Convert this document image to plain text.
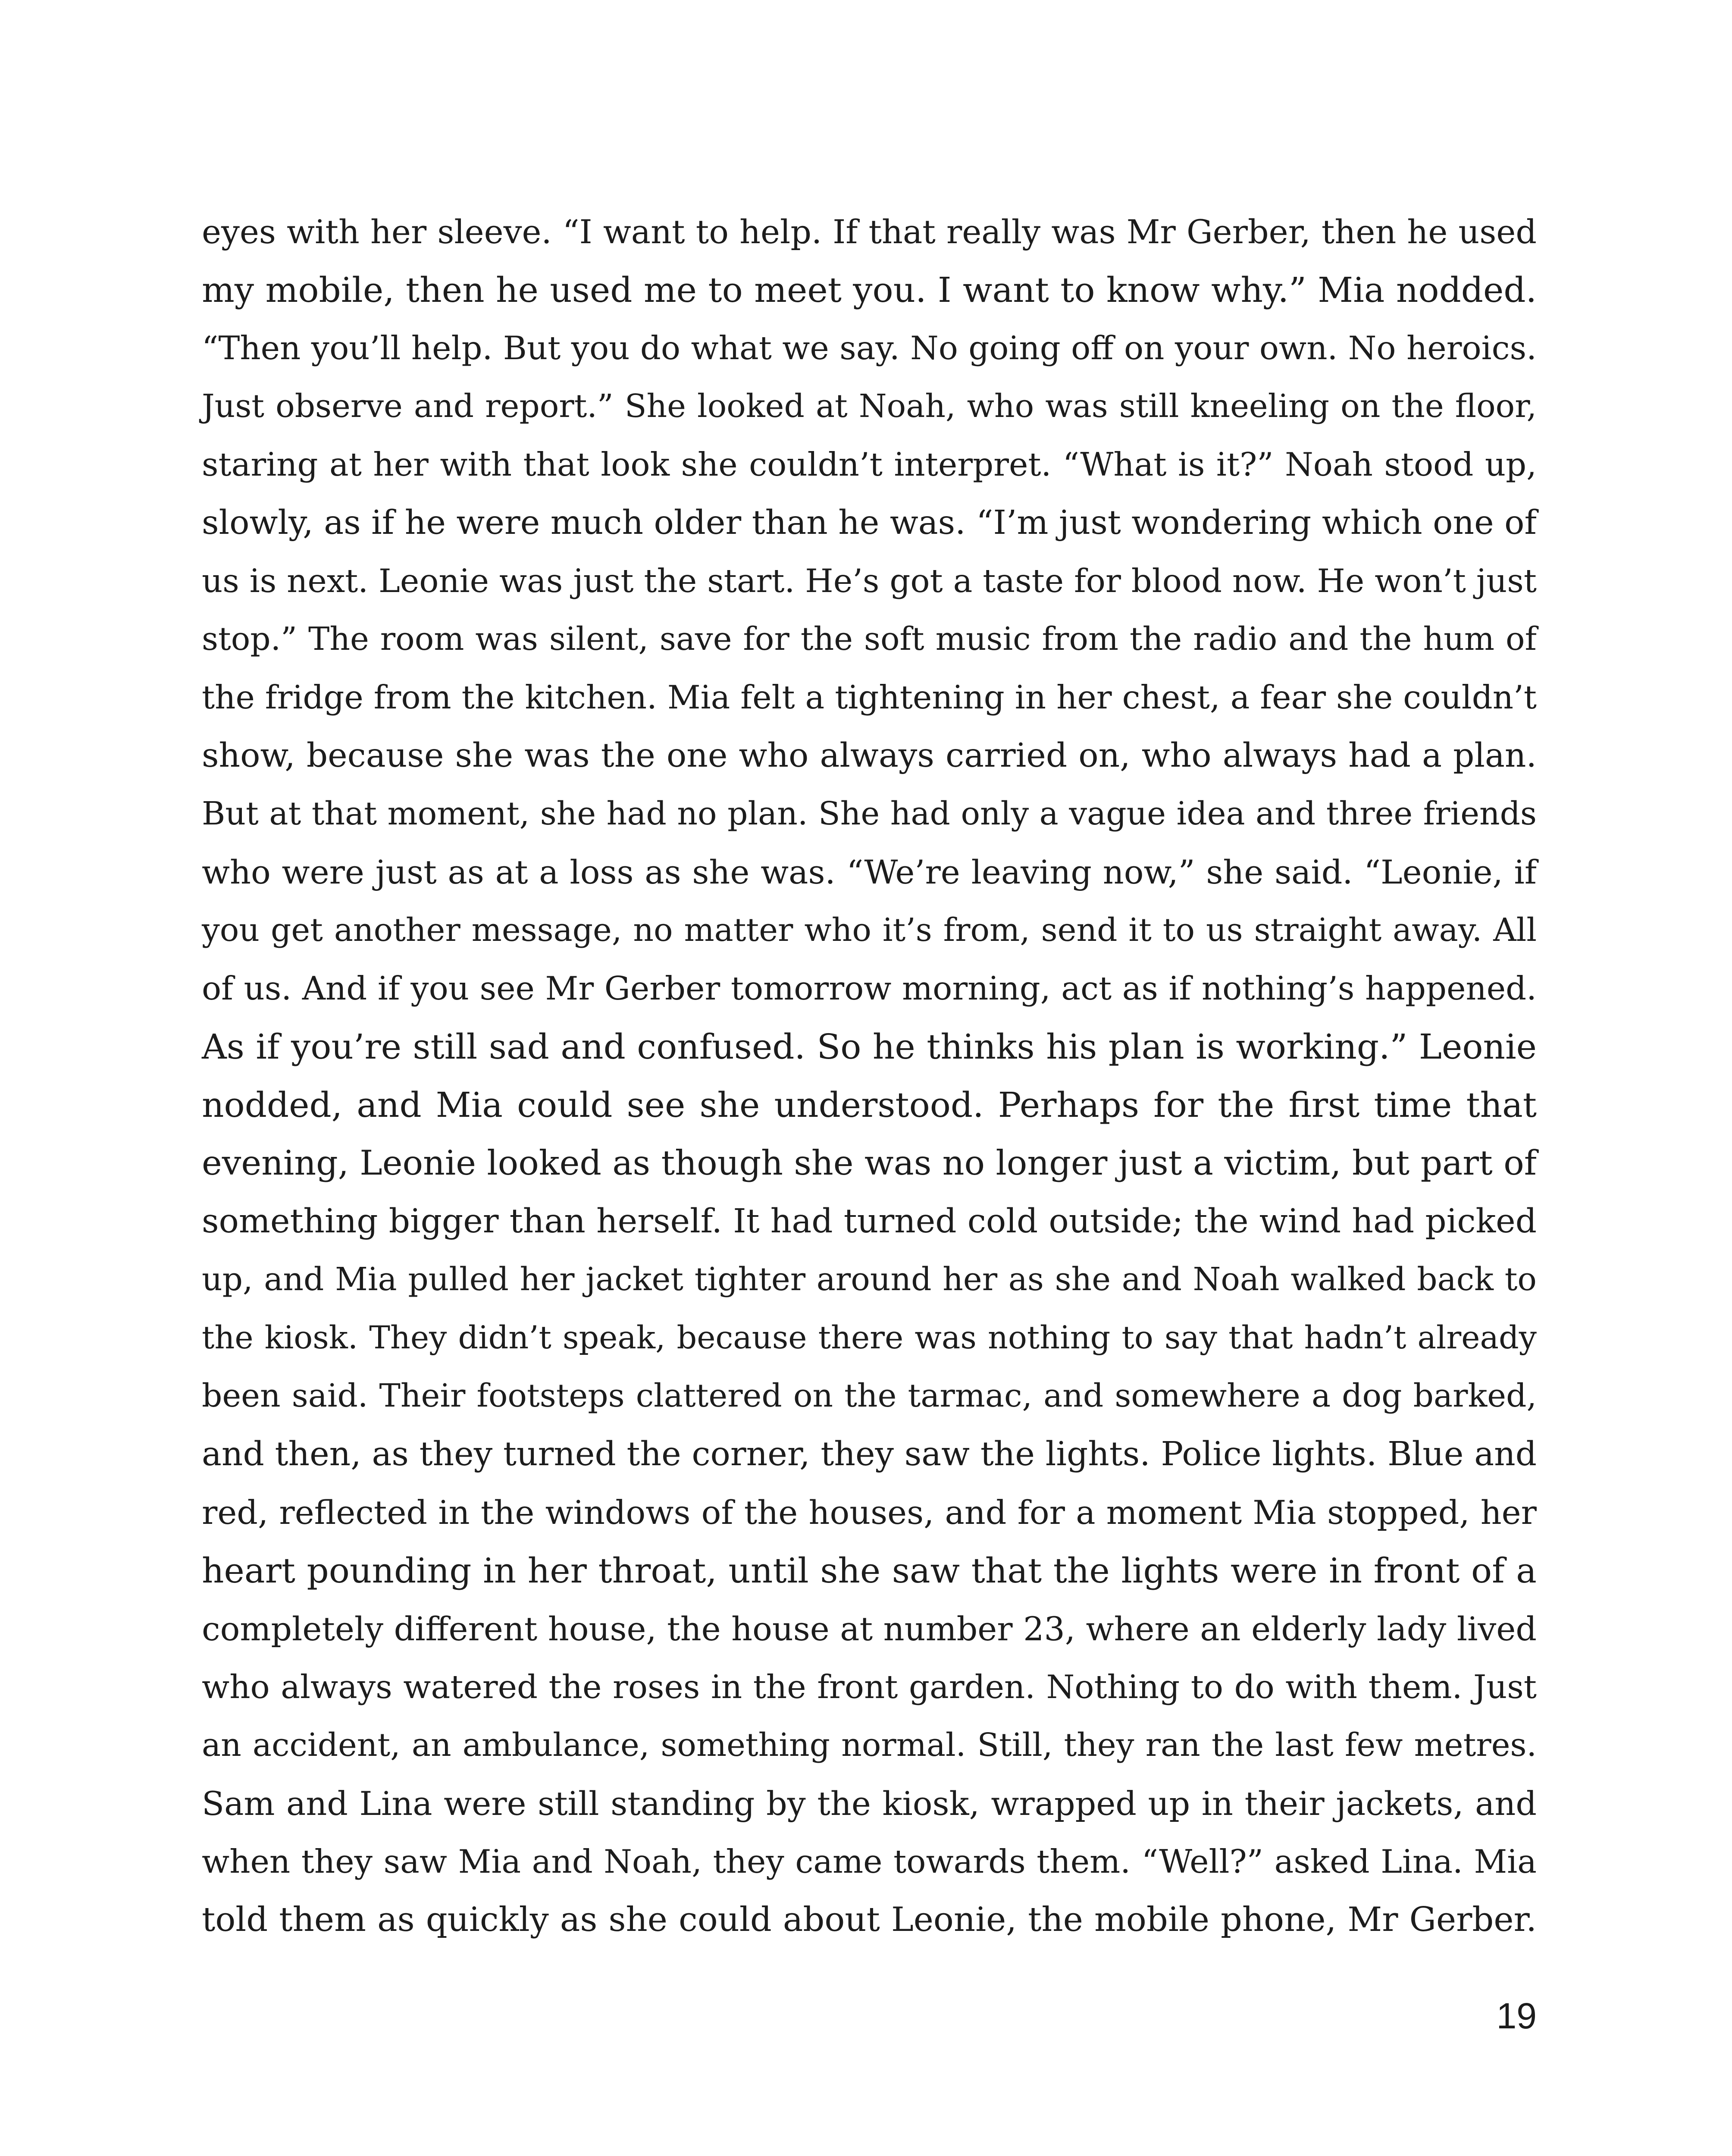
eyes with her sleeve. “I want to help. If that really was Mr Gerber, then he used
my mobile, then he used me to meet you. I want to know why.” Mia nodded.
“Then you’ll help. But you do what we say. No going off on your own. No heroics.
Just observe and report.” She looked at Noah, who was still kneeling on the floor,
staring at her with that look she couldn’t interpret. “What is it?” Noah stood up,
slowly, as if he were much older than he was. “I’m just wondering which one of
us is next. Leonie was just the start. He’s got a taste for blood now. He won’t just
stop.” The room was silent, save for the soft music from the radio and the hum of
the fridge from the kitchen. Mia felt a tightening in her chest, a fear she couldn’t
show, because she was the one who always carried on, who always had a plan.
But at that moment, she had no plan. She had only a vague idea and three friends
who were just as at a loss as she was. “We’re leaving now,” she said. “Leonie, if
you get another message, no matter who it’s from, send it to us straight away. All
of us. And if you see Mr Gerber tomorrow morning, act as if nothing’s happened.
As if you’re still sad and confused. So he thinks his plan is working.” Leonie
nodded, and Mia could see she understood. Perhaps for the first time that
evening, Leonie looked as though she was no longer just a victim, but part of
something bigger than herself. It had turned cold outside; the wind had picked
up, and Mia pulled her jacket tighter around her as she and Noah walked back to
the kiosk. They didn’t speak, because there was nothing to say that hadn’t already
been said. Their footsteps clattered on the tarmac, and somewhere a dog barked,
and then, as they turned the corner, they saw the lights. Police lights. Blue and
red, reflected in the windows of the houses, and for a moment Mia stopped, her
heart pounding in her throat, until she saw that the lights were in front of a
completely different house, the house at number 23, where an elderly lady lived
who always watered the roses in the front garden. Nothing to do with them. Just
an accident, an ambulance, something normal. Still, they ran the last few metres.
Sam and Lina were still standing by the kiosk, wrapped up in their jackets, and
when they saw Mia and Noah, they came towards them. “Well?” asked Lina. Mia
told them as quickly as she could about Leonie, the mobile phone, Mr Gerber.
19
